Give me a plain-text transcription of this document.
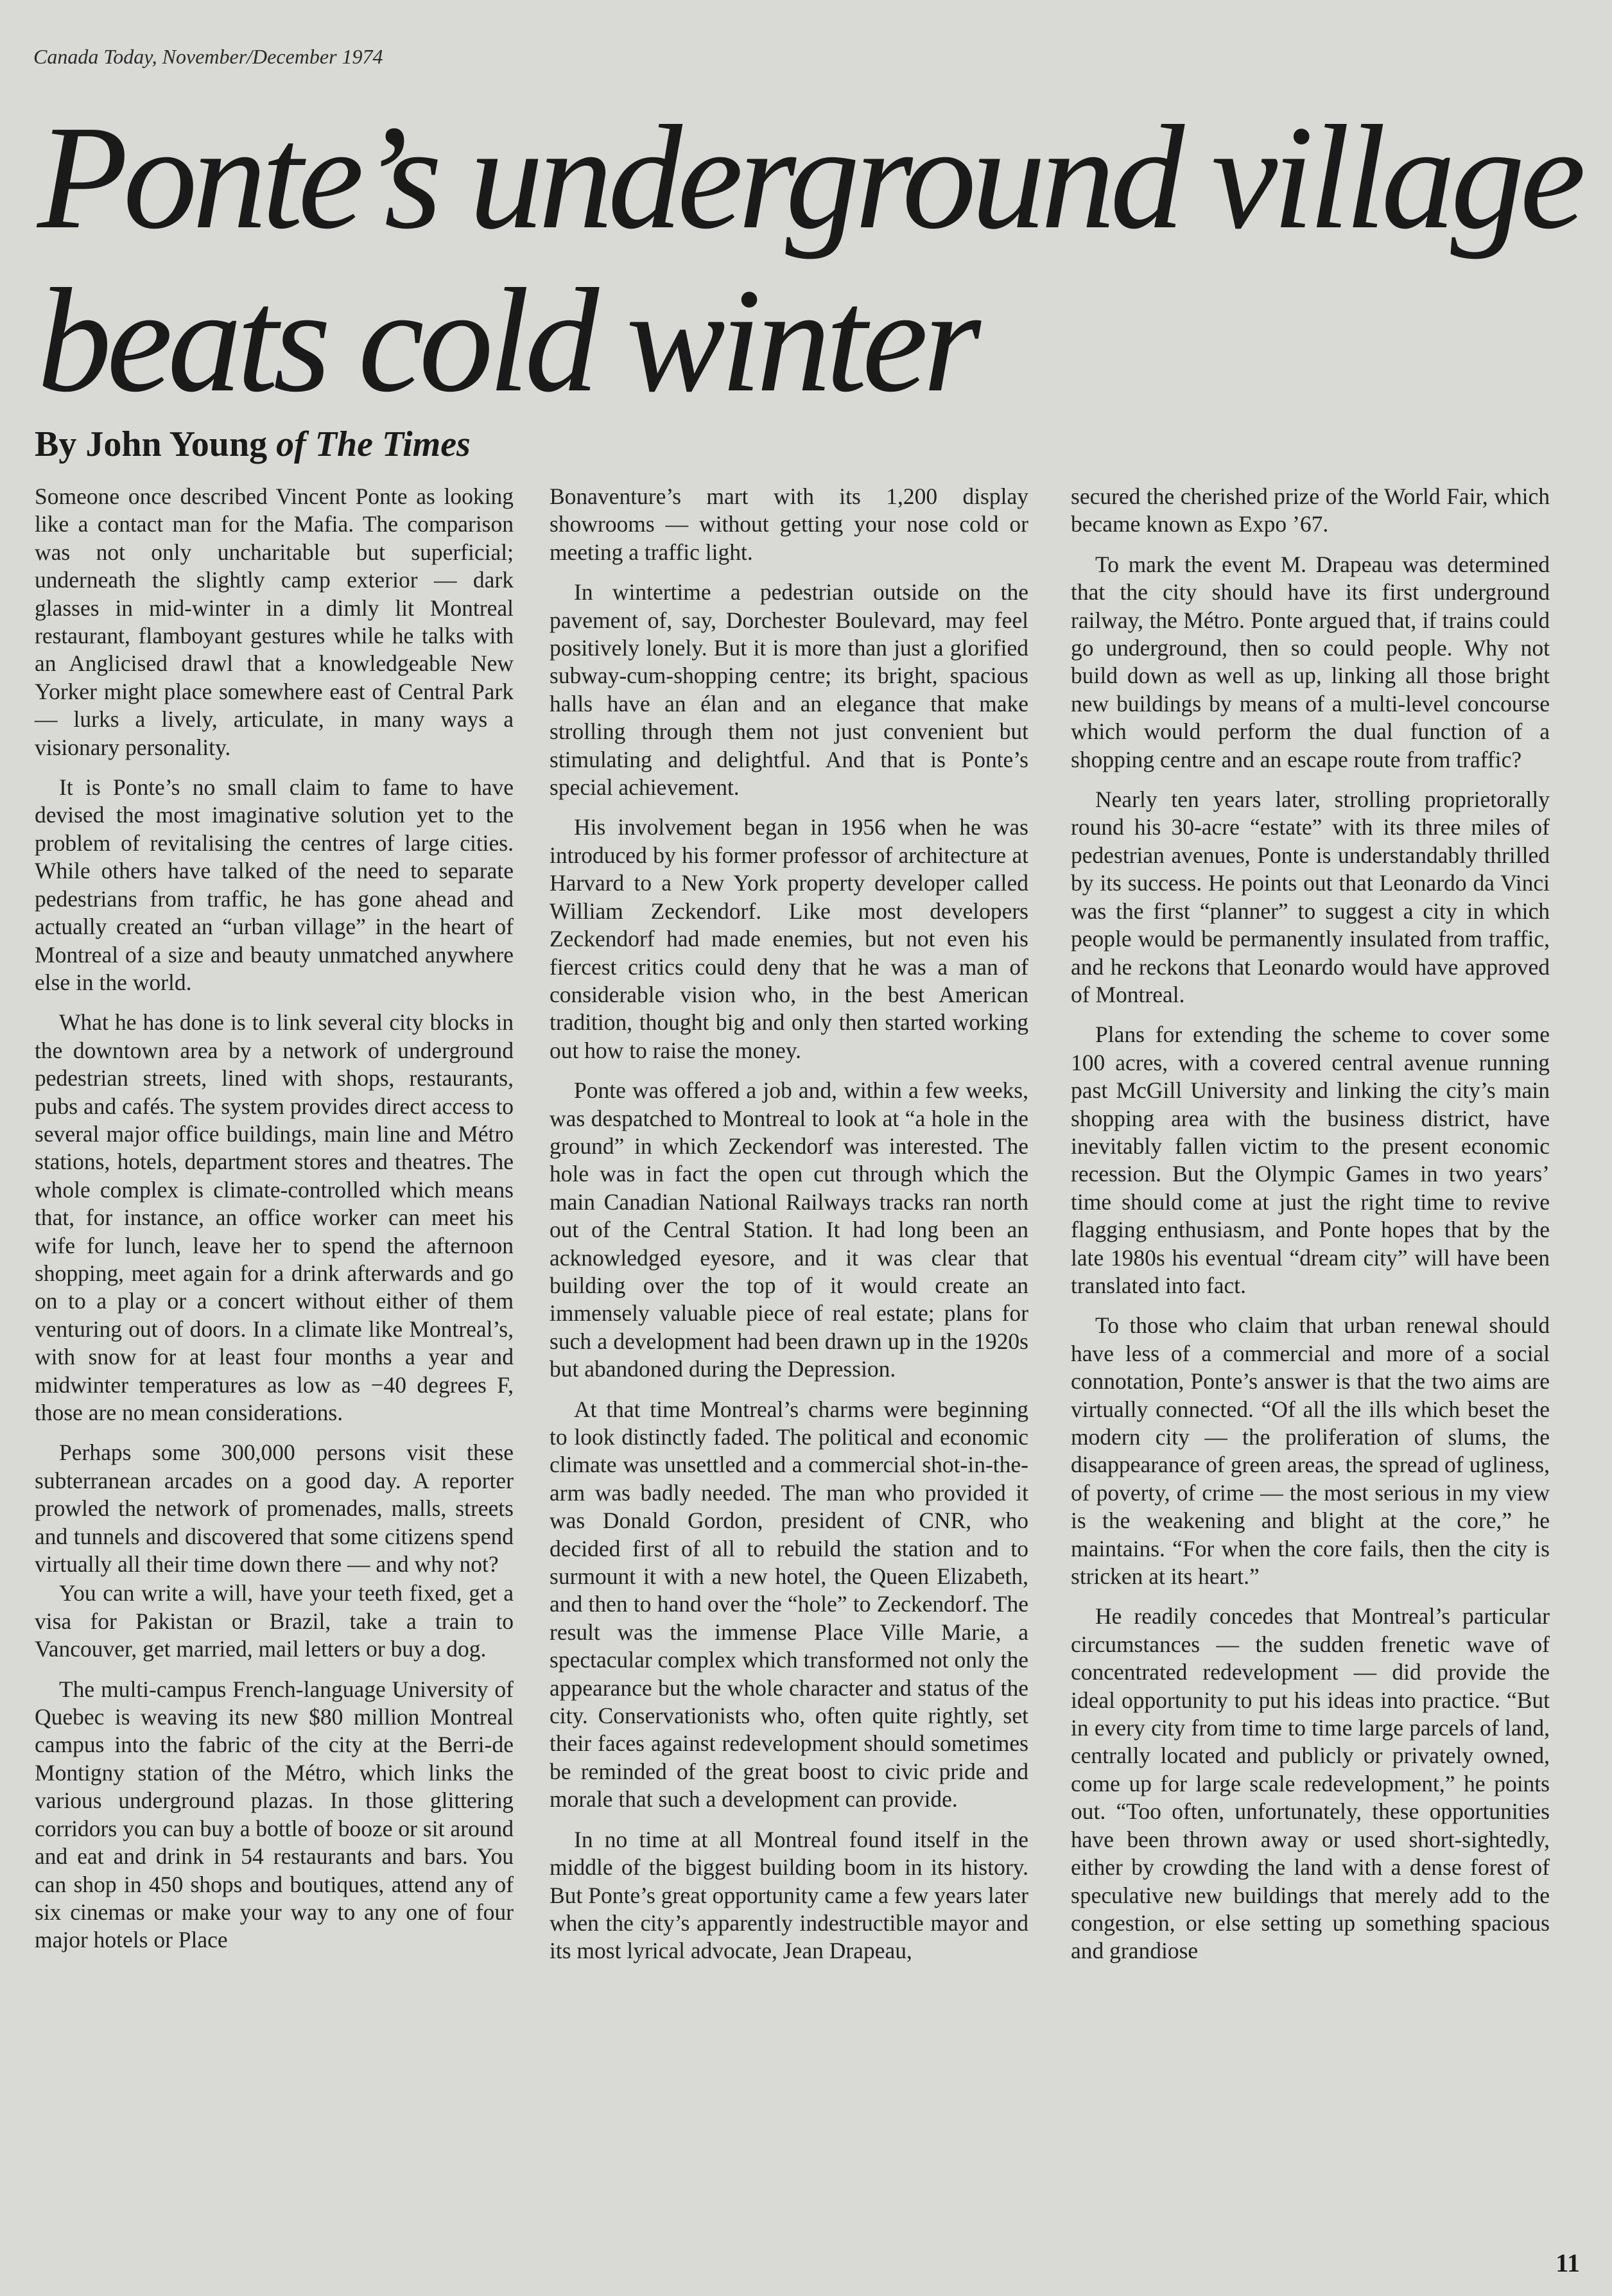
Canada Today, November/December 1974
Ponte’s underground village beats cold winter
By John Young of The Times

Someone once described Vincent Ponte as looking like a contact man for the Mafia. The comparison was not only uncharitable but superficial; underneath the slightly camp exterior — dark glasses in mid-winter in a dimly lit Montreal restaurant, flamboyant gestures while he talks with an Anglicised drawl that a knowledgeable New Yorker might place somewhere east of Central Park — lurks a lively, articulate, in many ways a visionary personality.

It is Ponte’s no small claim to fame to have devised the most imaginative solution yet to the problem of revitalising the centres of large cities. While others have talked of the need to separate pedestrians from traffic, he has gone ahead and actually created an “urban village” in the heart of Montreal of a size and beauty unmatched anywhere else in the world.

What he has done is to link several city blocks in the downtown area by a network of underground pedestrian streets, lined with shops, restaurants, pubs and cafés. The system provides direct access to several major office buildings, main line and Métro stations, hotels, department stores and theatres. The whole complex is climate-controlled which means that, for instance, an office worker can meet his wife for lunch, leave her to spend the afternoon shopping, meet again for a drink afterwards and go on to a play or a concert without either of them venturing out of doors. In a climate like Montreal’s, with snow for at least four months a year and midwinter temperatures as low as −40 degrees F, those are no mean considerations.

Perhaps some 300,000 persons visit these subterranean arcades on a good day. A reporter prowled the network of promenades, malls, streets and tunnels and discovered that some citizens spend virtually all their time down there — and why not?

You can write a will, have your teeth fixed, get a visa for Pakistan or Brazil, take a train to Vancouver, get married, mail letters or buy a dog.

The multi-campus French-language University of Quebec is weaving its new $80 million Montreal campus into the fabric of the city at the Berri-de Montigny station of the Métro, which links the various underground plazas. In those glittering corridors you can buy a bottle of booze or sit around and eat and drink in 54 restaurants and bars. You can shop in 450 shops and boutiques, attend any of six cinemas or make your way to any one of four major hotels or Place

Bonaventure’s mart with its 1,200 display showrooms — without getting your nose cold or meeting a traffic light.

In wintertime a pedestrian outside on the pavement of, say, Dorchester Boulevard, may feel positively lonely. But it is more than just a glorified subway-cum-shopping centre; its bright, spacious halls have an élan and an elegance that make strolling through them not just convenient but stimulating and delightful. And that is Ponte’s special achievement.

His involvement began in 1956 when he was introduced by his former professor of architecture at Harvard to a New York property developer called William Zeckendorf. Like most developers Zeckendorf had made enemies, but not even his fiercest critics could deny that he was a man of considerable vision who, in the best American tradition, thought big and only then started working out how to raise the money.

Ponte was offered a job and, within a few weeks, was despatched to Montreal to look at “a hole in the ground” in which Zeckendorf was interested. The hole was in fact the open cut through which the main Canadian National Railways tracks ran north out of the Central Station. It had long been an acknowledged eyesore, and it was clear that building over the top of it would create an immensely valuable piece of real estate; plans for such a development had been drawn up in the 1920s but abandoned during the Depression.

At that time Montreal’s charms were beginning to look distinctly faded. The political and economic climate was unsettled and a commercial shot-in-the-arm was badly needed. The man who provided it was Donald Gordon, president of CNR, who decided first of all to rebuild the station and to surmount it with a new hotel, the Queen Elizabeth, and then to hand over the “hole” to Zeckendorf. The result was the immense Place Ville Marie, a spectacular complex which transformed not only the appearance but the whole character and status of the city. Conservationists who, often quite rightly, set their faces against redevelopment should sometimes be reminded of the great boost to civic pride and morale that such a development can provide.

In no time at all Montreal found itself in the middle of the biggest building boom in its history. But Ponte’s great opportunity came a few years later when the city’s apparently indestructible mayor and its most lyrical advocate, Jean Drapeau,

secured the cherished prize of the World Fair, which became known as Expo ’67.

To mark the event M. Drapeau was determined that the city should have its first underground railway, the Métro. Ponte argued that, if trains could go underground, then so could people. Why not build down as well as up, linking all those bright new buildings by means of a multi-level concourse which would perform the dual function of a shopping centre and an escape route from traffic?

Nearly ten years later, strolling proprietorally round his 30-acre “estate” with its three miles of pedestrian avenues, Ponte is understandably thrilled by its success. He points out that Leonardo da Vinci was the first “planner” to suggest a city in which people would be permanently insulated from traffic, and he reckons that Leonardo would have approved of Montreal.

Plans for extending the scheme to cover some 100 acres, with a covered central avenue running past McGill University and linking the city’s main shopping area with the business district, have inevitably fallen victim to the present economic recession. But the Olympic Games in two years’ time should come at just the right time to revive flagging enthusiasm, and Ponte hopes that by the late 1980s his eventual “dream city” will have been translated into fact.

To those who claim that urban renewal should have less of a commercial and more of a social connotation, Ponte’s answer is that the two aims are virtually connected. “Of all the ills which beset the modern city — the proliferation of slums, the disappearance of green areas, the spread of ugliness, of poverty, of crime — the most serious in my view is the weakening and blight at the core,” he maintains. “For when the core fails, then the city is stricken at its heart.”

He readily concedes that Montreal’s particular circumstances — the sudden frenetic wave of concentrated redevelopment — did provide the ideal opportunity to put his ideas into practice. “But in every city from time to time large parcels of land, centrally located and publicly or privately owned, come up for large scale redevelopment,” he points out. “Too often, unfortunately, these opportunities have been thrown away or used short-sightedly, either by crowding the land with a dense forest of speculative new buildings that merely add to the congestion, or else setting up something spacious and grandiose

11
